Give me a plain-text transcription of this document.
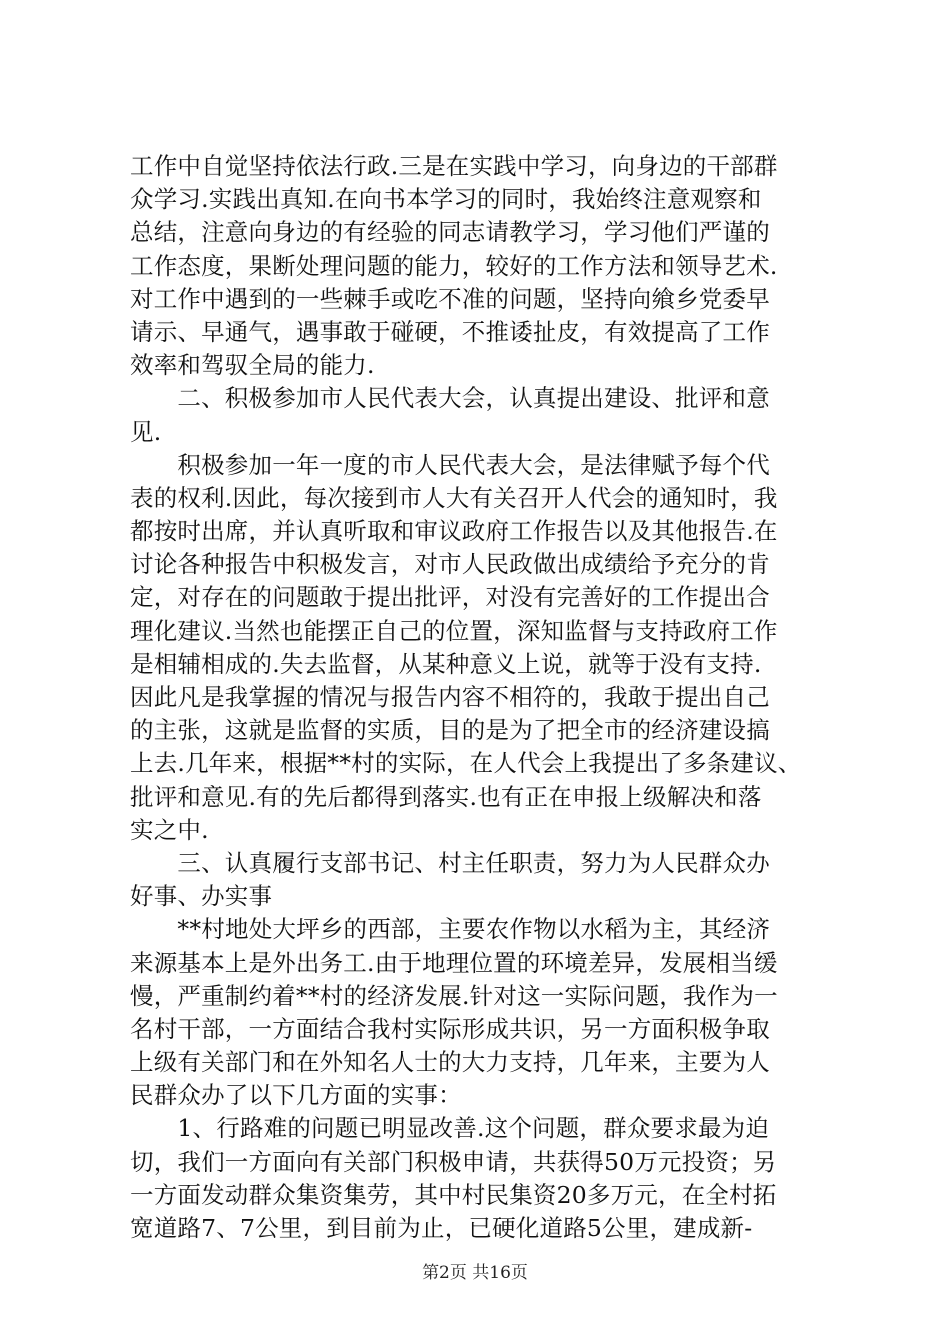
工作中自觉坚持依法行政.三是在实践中学习，向身边的干部群
众学习.实践出真知.在向书本学习的同时，我始终注意观察和
总结，注意向身边的有经验的同志请教学习，学习他们严谨的
工作态度，果断处理问题的能力，较好的工作方法和领导艺术.
对工作中遇到的一些棘手或吃不准的问题，坚持向飨乡党委早
请示、早通气，遇事敢于碰硬，不推诿扯皮，有效提高了工作
效率和驾驭全局的能力.
　　二、积极参加市人民代表大会，认真提出建设、批评和意
见.
　　积极参加一年一度的市人民代表大会，是法律赋予每个代
表的权利.因此，每次接到市人大有关召开人代会的通知时，我
都按时出席，并认真听取和审议政府工作报告以及其他报告.在
讨论各种报告中积极发言，对市人民政做出成绩给予充分的肯
定，对存在的问题敢于提出批评，对没有完善好的工作提出合
理化建议.当然也能摆正自己的位置，深知监督与支持政府工作
是相辅相成的.失去监督，从某种意义上说，就等于没有支持.
因此凡是我掌握的情况与报告内容不相符的，我敢于提出自己
的主张，这就是监督的实质，目的是为了把全市的经济建设搞
上去.几年来，根据**村的实际，在人代会上我提出了多条建议、
批评和意见.有的先后都得到落实.也有正在申报上级解决和落
实之中.
　　三、认真履行支部书记、村主任职责，努力为人民群众办
好事、办实事
　　**村地处大坪乡的西部，主要农作物以水稻为主，其经济
来源基本上是外出务工.由于地理位置的环境差异，发展相当缓
慢，严重制约着**村的经济发展.针对这一实际问题，我作为一
名村干部，一方面结合我村实际形成共识，另一方面积极争取
上级有关部门和在外知名人士的大力支持，几年来，主要为人
民群众办了以下几方面的实事：
　　1、行路难的问题已明显改善.这个问题，群众要求最为迫
切，我们一方面向有关部门积极申请，共获得50万元投资；另
一方面发动群众集资集劳，其中村民集资20多万元，在全村拓
宽道路7、7公里，到目前为止，已硬化道路5公里，建成新-
第2页 共16页
